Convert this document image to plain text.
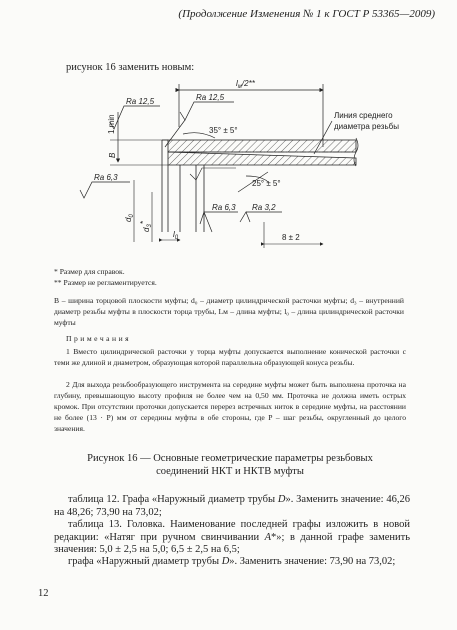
(Продолжение Изменения № 1 к ГОСТ Р 53365—2009)
рисунок 16 заменить новым:
$l_м/2**$
Ra 12,5	Ra 12,5
35° ± 5°
Линия среднего
диаметра резьбы
1 min
B
Ra 6,3
$d_0$
$d_3*$
25° ± 5°
Ra 6,3 Ra 3,2
$l_0$	8 ± 2
* Размер для справок.
** Размер не регламентируется.
B – ширина торцовой плоскости муфты; d₀ – диаметр цилиндрической расточки муфты; d₃ – внутренний диаметр резьбы муфты в плоскости торца трубы, Lм – длина муфты; l₀ – длина цилиндрической расточки муфты
Примечания
1 Вместо цилиндрической расточки у торца муфты допускается выполнение конической расточки с теми же длиной и диаметром, образующая которой параллельна образующей конуса резьбы.
2 Для выхода резьбообразующего инструмента на середине муфты может быть выполнена проточка на глубину, превышающую высоту профиля не более чем на 0,50 мм. Проточка не должна иметь острых кромок. При отсутствии проточки допускается перерез встречных ниток в середине муфты, на расстоянии не более (13 · P) мм от середины муфты в обе стороны, где P – шаг резьбы, округленный до целого значения.
Рисунок 16 — Основные геометрические параметры резьбовых
соединений НКТ и НКТВ муфты
таблица 12. Графа «Наружный диаметр трубы D». Заменить значение: 46,26 на 48,26; 73,90 на 73,02;
таблица 13. Головка. Наименование последней графы изложить в новой редакции: «Натяг при ручном свинчивании A*»; в данной графе заменить значения: 5,0 ± 2,5 на 5,0; 6,5 ± 2,5 на 6,5;
графа «Наружный диаметр трубы D». Заменить значение: 73,90 на 73,02;
12
